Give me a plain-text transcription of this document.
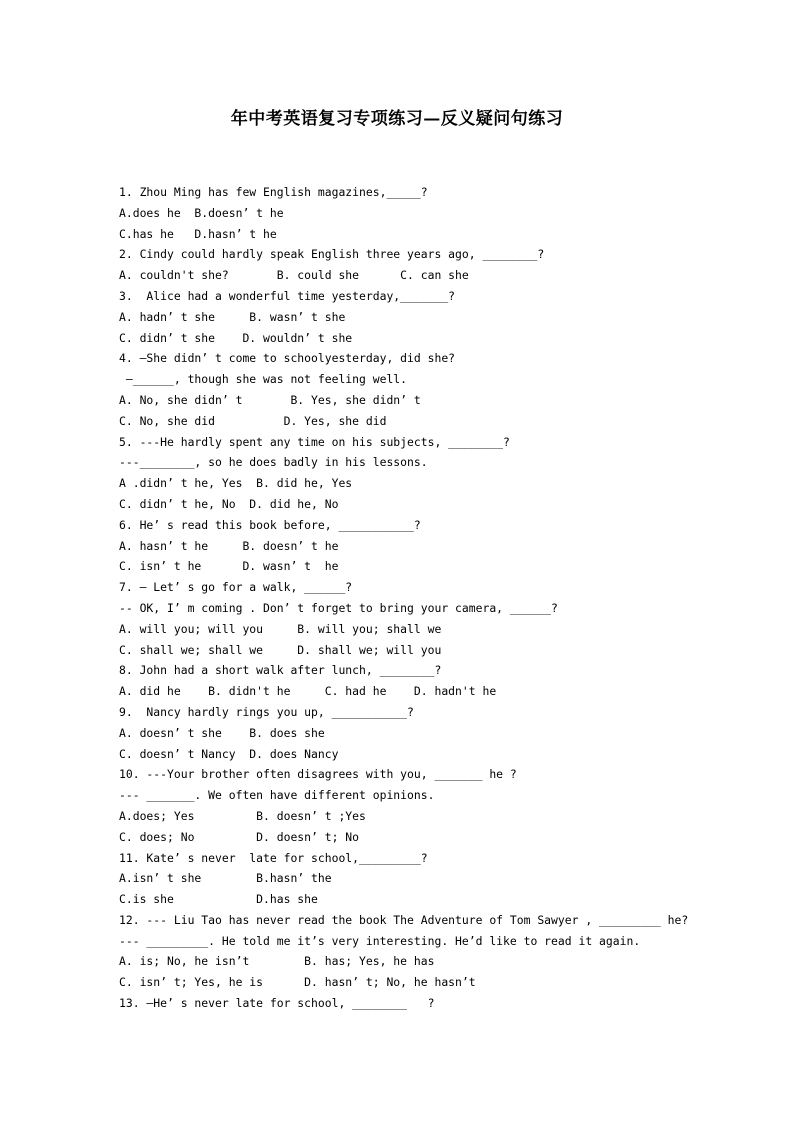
年中考英语复习专项练习—反义疑问句练习
1. Zhou Ming has few English magazines,_____?
A.does he  B.doesn’ t he
C.has he   D.hasn’ t he
2. Cindy could hardly speak English three years ago, ________?
A. couldn't she?       B. could she      C. can she
3.  Alice had a wonderful time yesterday,_______?
A. hadn’ t she     B. wasn’ t she
C. didn’ t she    D. wouldn’ t she
4. –She didn’ t come to schoolyesterday, did she?
–______, though she was not feeling well.
A. No, she didn’ t       B. Yes, she didn’ t
C. No, she did          D. Yes, she did
5. ---He hardly spent any time on his subjects, ________?
---________, so he does badly in his lessons.
A .didn’ t he, Yes  B. did he, Yes
C. didn’ t he, No  D. did he, No
6. He’ s read this book before, ___________?
A. hasn’ t he     B. doesn’ t he
C. isn’ t he      D. wasn’ t  he
7. – Let’ s go for a walk, ______?
-- OK, I’ m coming . Don’ t forget to bring your camera, ______?
A. will you; will you     B. will you; shall we
C. shall we; shall we     D. shall we; will you
8. John had a short walk after lunch, ________?
A. did he    B. didn't he     C. had he    D. hadn't he
9.  Nancy hardly rings you up, ___________?
A. doesn’ t she    B. does she
C. doesn’ t Nancy  D. does Nancy
10. ---Your brother often disagrees with you, _______ he ?
--- _______. We often have different opinions.
A.does; Yes         B. doesn’ t ;Yes
C. does; No         D. doesn’ t; No
11. Kate’ s never  late for school,_________?
A.isn’ t she        B.hasn’ the
C.is she            D.has she
12. --- Liu Tao has never read the book The Adventure of Tom Sawyer , _________ he?
--- _________. He told me it’s very interesting. He’d like to read it again.
A. is; No, he isn’t        B. has; Yes, he has
C. isn’ t; Yes, he is      D. hasn’ t; No, he hasn’t
13. —He’ s never late for school, ________   ?
